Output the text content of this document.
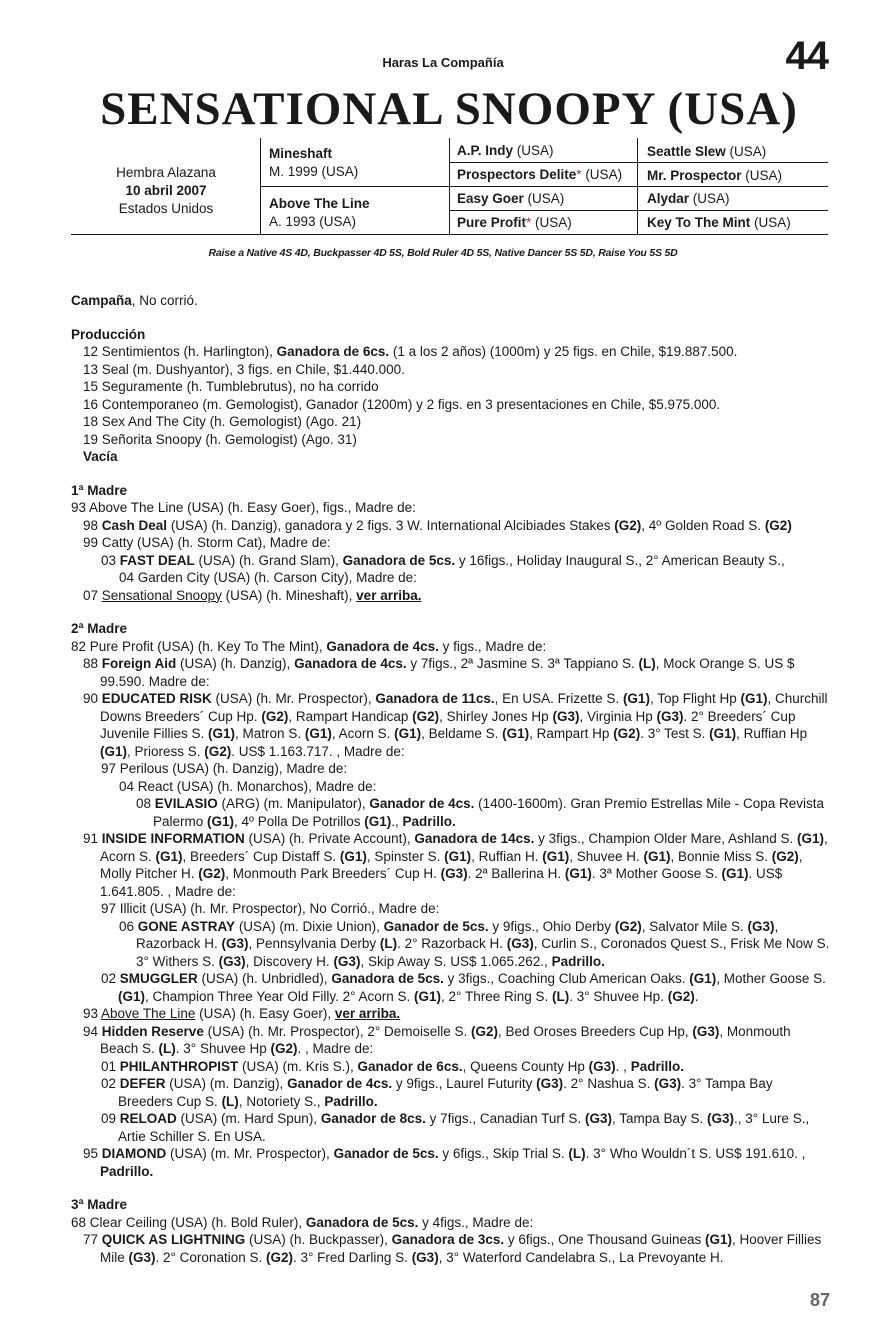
Haras La Compañía	44
SENSATIONAL SNOOPY (USA)
Hembra Alazana
10 abril 2007
Estados Unidos
Mineshaft
M. 1999 (USA)
Above The Line
A. 1993 (USA)
A.P. Indy (USA)
Prospectors Delite* (USA)
Easy Goer (USA)
Pure Profit* (USA)
Seattle Slew (USA)
Mr. Prospector (USA)
Alydar (USA)
Key To The Mint (USA)
Raise a Native 4S 4D, Buckpasser 4D 5S, Bold Ruler 4D 5S, Native Dancer 5S 5D, Raise You 5S 5D

Campaña, No corrió.

Producción

12 Sentimientos (h. Harlington), Ganadora de 6cs. (1 a los 2 años) (1000m) y 25 figs. en Chile, $19.887.500.

13 Seal (m. Dushyantor), 3 figs. en Chile, $1.440.000.

15 Seguramente (h. Tumblebrutus), no ha corrido

16 Contemporaneo (m. Gemologist), Ganador (1200m) y 2 figs. en 3 presentaciones en Chile, $5.975.000.

18 Sex And The City (h. Gemologist) (Ago. 21)

19 Señorita Snoopy (h. Gemologist) (Ago. 31)

Vacía

1ª Madre

93 Above The Line (USA) (h. Easy Goer), figs., Madre de:

98 Cash Deal (USA) (h. Danzig), ganadora y 2 figs. 3 W. International Alcibiades Stakes (G2), 4º Golden Road S. (G2)

99 Catty (USA) (h. Storm Cat), Madre de:

03 FAST DEAL (USA) (h. Grand Slam), Ganadora de 5cs. y 16figs., Holiday Inaugural S., 2° American Beauty S.,

04 Garden City (USA) (h. Carson City), Madre de:

07 Sensational Snoopy (USA) (h. Mineshaft), ver arriba.

2ª Madre

82 Pure Profit (USA) (h. Key To The Mint), Ganadora de 4cs. y figs., Madre de:

88 Foreign Aid (USA) (h. Danzig), Ganadora de 4cs. y 7figs., 2ª Jasmine S. 3ª Tappiano S. (L), Mock Orange S. US $ 99.590. Madre de:

90 EDUCATED RISK (USA) (h. Mr. Prospector), Ganadora de 11cs., En USA. Frizette S. (G1), Top Flight Hp (G1), Churchill Downs Breeders´ Cup Hp. (G2), Rampart Handicap (G2), Shirley Jones Hp (G3), Virginia Hp (G3). 2° Breeders´ Cup Juvenile Fillies S. (G1), Matron S. (G1), Acorn S. (G1), Beldame S. (G1), Rampart Hp (G2). 3° Test S. (G1), Ruffian Hp (G1), Prioress S. (G2). US$ 1.163.717. , Madre de:

97 Perilous (USA) (h. Danzig), Madre de:

04 React (USA) (h. Monarchos), Madre de:

08 EVILASIO (ARG) (m. Manipulator), Ganador de 4cs. (1400-1600m). Gran Premio Estrellas Mile - Copa Revista Palermo (G1), 4º Polla De Potrillos (G1)., Padrillo.

91 INSIDE INFORMATION (USA) (h. Private Account), Ganadora de 14cs. y 3figs., Champion Older Mare, Ashland S. (G1), Acorn S. (G1), Breeders´ Cup Distaff S. (G1), Spinster S. (G1), Ruffian H. (G1), Shuvee H. (G1), Bonnie Miss S. (G2), Molly Pitcher H. (G2), Monmouth Park Breeders´ Cup H. (G3). 2ª Ballerina H. (G1). 3ª Mother Goose S. (G1). US$ 1.641.805. , Madre de:

97 Illicit (USA) (h. Mr. Prospector), No Corrió., Madre de:

06 GONE ASTRAY (USA) (m. Dixie Union), Ganador de 5cs. y 9figs., Ohio Derby (G2), Salvator Mile S. (G3), Razorback H. (G3), Pennsylvania Derby (L). 2° Razorback H. (G3), Curlin S., Coronados Quest S., Frisk Me Now S. 3° Withers S. (G3), Discovery H. (G3), Skip Away S. US$ 1.065.262., Padrillo.

02 SMUGGLER (USA) (h. Unbridled), Ganadora de 5cs. y 3figs., Coaching Club American Oaks. (G1), Mother Goose S. (G1), Champion Three Year Old Filly. 2° Acorn S. (G1), 2° Three Ring S. (L). 3° Shuvee Hp. (G2).

93 Above The Line (USA) (h. Easy Goer), ver arriba.

94 Hidden Reserve (USA) (h. Mr. Prospector), 2° Demoiselle S. (G2), Bed Oroses Breeders Cup Hp, (G3), Monmouth Beach S. (L). 3° Shuvee Hp (G2). , Madre de:

01 PHILANTHROPIST (USA) (m. Kris S.), Ganador de 6cs., Queens County Hp (G3). , Padrillo.

02 DEFER (USA) (m. Danzig), Ganador de 4cs. y 9figs., Laurel Futurity (G3). 2° Nashua S. (G3). 3° Tampa Bay Breeders Cup S. (L), Notoriety S., Padrillo.

09 RELOAD (USA) (m. Hard Spun), Ganador de 8cs. y 7figs., Canadian Turf S. (G3), Tampa Bay S. (G3)., 3° Lure S., Artie Schiller S. En USA.

95 DIAMOND (USA) (m. Mr. Prospector), Ganador de 5cs. y 6figs., Skip Trial S. (L). 3° Who Wouldn´t S. US$ 191.610. , Padrillo.

3ª Madre

68 Clear Ceiling (USA) (h. Bold Ruler), Ganadora de 5cs. y 4figs., Madre de:

77 QUICK AS LIGHTNING (USA) (h. Buckpasser), Ganadora de 3cs. y 6figs., One Thousand Guineas (G1), Hoover Fillies Mile (G3). 2° Coronation S. (G2). 3° Fred Darling S. (G3), 3° Waterford Candelabra S., La Prevoyante H.

87
